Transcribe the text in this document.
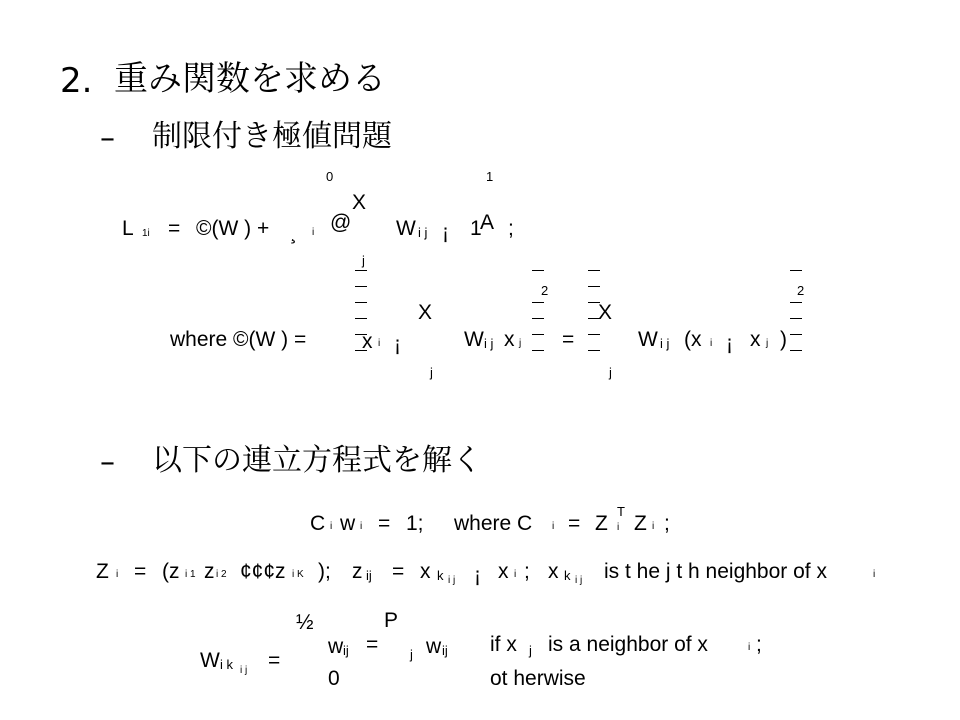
2. 重み関数を求める
– 制限付き極値問題
0	1
L 1i = ©(W ) + ¸ i
X
j
@ W i j ¡ 1
A ;
where ©(W ) =	x i ¡
X
j
W i j x j
2
=
X
j
W i j (x i ¡ x j )
2
– 以下の連立方程式を解く
C i w i = 1; where C i = Z
T
i Z i ;
Z i = (z i 1 z i 2 ¢¢¢z i K ); z ij = x k i j ¡ x i ; x k i j is t he j t h neighbor of x	i
½
W i k i j =
w ij =
P
j w ij if x j is a neighbor of x	i ;
0	ot herwise
